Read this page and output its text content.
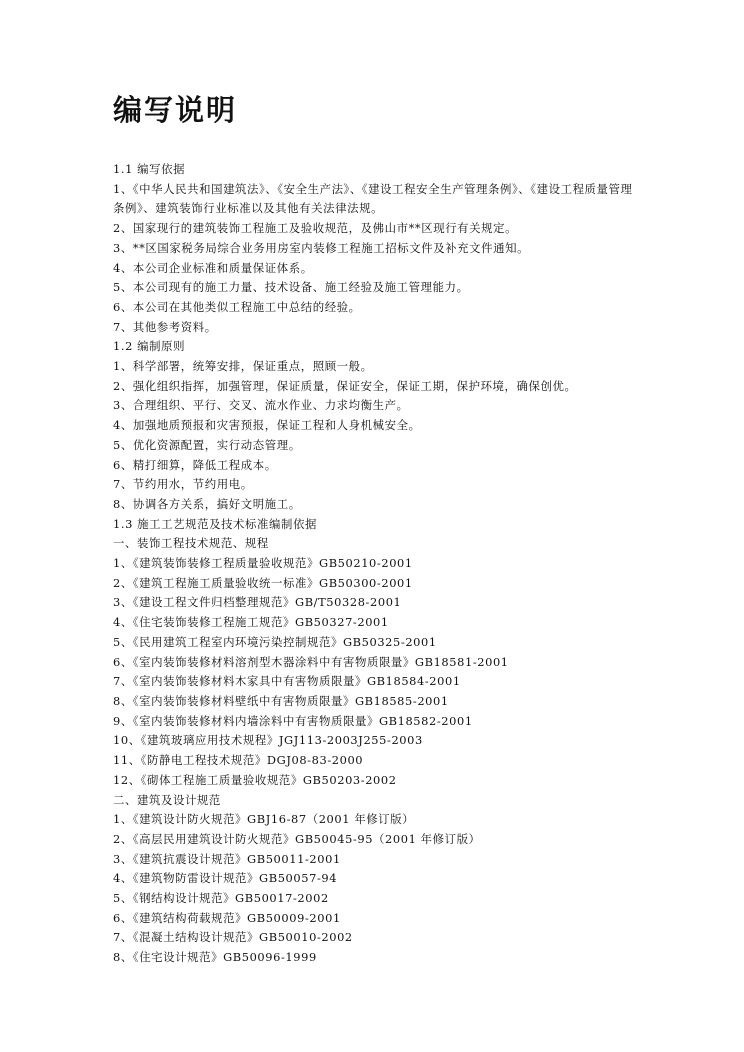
编写说明
1.1 编写依据
1、《中华人民共和国建筑法》、《安全生产法》、《建设工程安全生产管理条例》、《建设工程质量管理条例》、建筑装饰行业标准以及其他有关法律法规。
2、国家现行的建筑装饰工程施工及验收规范，及佛山市**区现行有关规定。
3、**区国家税务局综合业务用房室内装修工程施工招标文件及补充文件通知。
4、本公司企业标准和质量保证体系。
5、本公司现有的施工力量、技术设备、施工经验及施工管理能力。
6、本公司在其他类似工程施工中总结的经验。
7、其他参考资料。
1.2 编制原则
1、科学部署，统筹安排，保证重点，照顾一般。
2、强化组织指挥，加强管理，保证质量，保证安全，保证工期，保护环境，确保创优。
3、合理组织、平行、交叉、流水作业、力求均衡生产。
4、加强地质预报和灾害预报，保证工程和人身机械安全。
5、优化资源配置，实行动态管理。
6、精打细算，降低工程成本。
7、节约用水，节约用电。
8、协调各方关系，搞好文明施工。
1.3 施工工艺规范及技术标准编制依据
一、装饰工程技术规范、规程
1、《建筑装饰装修工程质量验收规范》GB50210-2001
2、《建筑工程施工质量验收统一标准》GB50300-2001
3、《建设工程文件归档整理规范》GB/T50328-2001
4、《住宅装饰装修工程施工规范》GB50327-2001
5、《民用建筑工程室内环境污染控制规范》GB50325-2001
6、《室内装饰装修材料溶剂型木器涂料中有害物质限量》GB18581-2001
7、《室内装饰装修材料木家具中有害物质限量》GB18584-2001
8、《室内装饰装修材料壁纸中有害物质限量》GB18585-2001
9、《室内装饰装修材料内墙涂料中有害物质限量》GB18582-2001
10、《建筑玻璃应用技术规程》JGJ113-2003J255-2003
11、《防静电工程技术规范》DGJ08-83-2000
12、《砌体工程施工质量验收规范》GB50203-2002
二、建筑及设计规范
1、《建筑设计防火规范》GBJ16-87（2001 年修订版）
2、《高层民用建筑设计防火规范》GB50045-95（2001 年修订版）
3、《建筑抗震设计规范》GB50011-2001
4、《建筑物防雷设计规范》GB50057-94
5、《钢结构设计规范》GB50017-2002
6、《建筑结构荷载规范》GB50009-2001
7、《混凝土结构设计规范》GB50010-2002
8、《住宅设计规范》GB50096-1999
